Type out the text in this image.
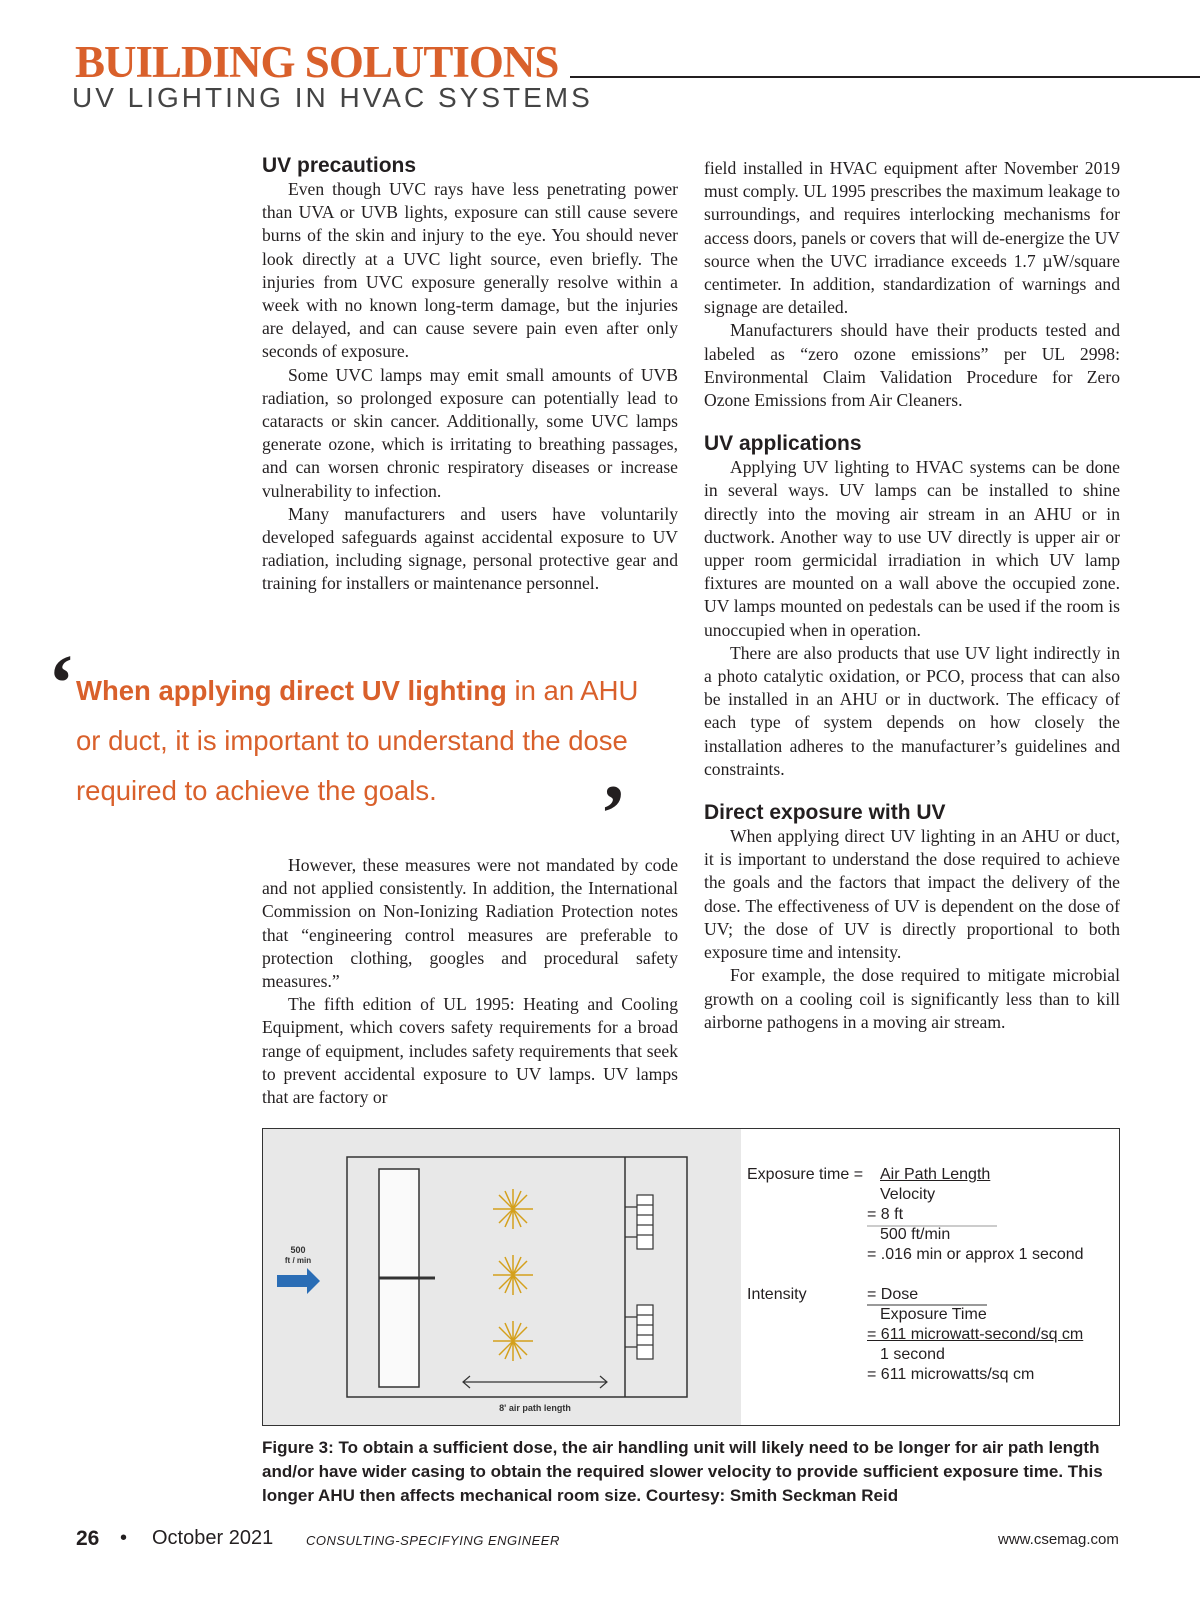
BUILDING SOLUTIONS
UV LIGHTING IN HVAC SYSTEMS
UV precautions

Even though UVC rays have less penetrating power than UVA or UVB lights, exposure can still cause severe burns of the skin and injury to the eye. You should never look directly at a UVC light source, even briefly. The injuries from UVC exposure generally resolve within a week with no known long-term damage, but the injuries are delayed, and can cause severe pain even after only seconds of exposure.

Some UVC lamps may emit small amounts of UVB radiation, so prolonged exposure can potentially lead to cataracts or skin cancer. Additionally, some UVC lamps generate ozone, which is irritating to breathing passages, and can worsen chronic respiratory diseases or increase vulnerability to infection.

Many manufacturers and users have voluntarily developed safeguards against accidental exposure to UV radiation, including signage, personal protective gear and training for installers or maintenance personnel.

‘ When applying direct UV lighting in an AHU or duct, it is important to understand the dose required to achieve the goals.	’

However, these measures were not mandated by code and not applied consistently. In addition, the International Commission on Non-Ionizing Radiation Protection notes that “engineering control measures are preferable to protection clothing, googles and procedural safety measures.”

The fifth edition of UL 1995: Heating and Cooling Equipment, which covers safety requirements for a broad range of equipment, includes safety requirements that seek to prevent accidental exposure to UV lamps. UV lamps that are factory or

field installed in HVAC equipment after November 2019 must comply. UL 1995 prescribes the maximum leakage to surroundings, and requires interlocking mechanisms for access doors, panels or covers that will de-energize the UV source when the UVC irradiance exceeds 1.7 µW/square centimeter. In addition, standardization of warnings and signage are detailed.

Manufacturers should have their products tested and labeled as “zero ozone emissions” per UL 2998: Environmental Claim Validation Procedure for Zero Ozone Emissions from Air Cleaners.

UV applications

Applying UV lighting to HVAC systems can be done in several ways. UV lamps can be installed to shine directly into the moving air stream in an AHU or in ductwork. Another way to use UV directly is upper air or upper room germicidal irradiation in which UV lamp fixtures are mounted on a wall above the occupied zone. UV lamps mounted on pedestals can be used if the room is unoccupied when in operation.

There are also products that use UV light indirectly in a photo catalytic oxidation, or PCO, process that can also be installed in an AHU or in ductwork. The efficacy of each type of system depends on how closely the installation adheres to the manufacturer’s guidelines and constraints.

Direct exposure with UV

When applying direct UV lighting in an AHU or duct, it is important to understand the dose required to achieve the goals and the factors that impact the delivery of the dose. The effectiveness of UV is dependent on the dose of UV; the dose of UV is directly proportional to both exposure time and intensity.

For example, the dose required to mitigate microbial growth on a cooling coil is significantly less than to kill airborne pathogens in a moving air stream.

500
ft / min
8' air path length
Exposure time = Air Path Length
Velocity
= 8 ft
500 ft/min
= .016 min or approx 1 second
Intensity	= Dose
Exposure Time
= 611 microwatt-second/sq cm
1 second
= 611 microwatts/sq cm
Figure 3: To obtain a sufficient dose, the air handling unit will likely need to be longer for air path length and/or have wider casing to obtain the required slower velocity to provide sufficient exposure time. This longer AHU then affects mechanical room size. Courtesy: Smith Seckman Reid
26 • October 2021	CONSULTING-SPECIFYING ENGINEER	www.csemag.com
